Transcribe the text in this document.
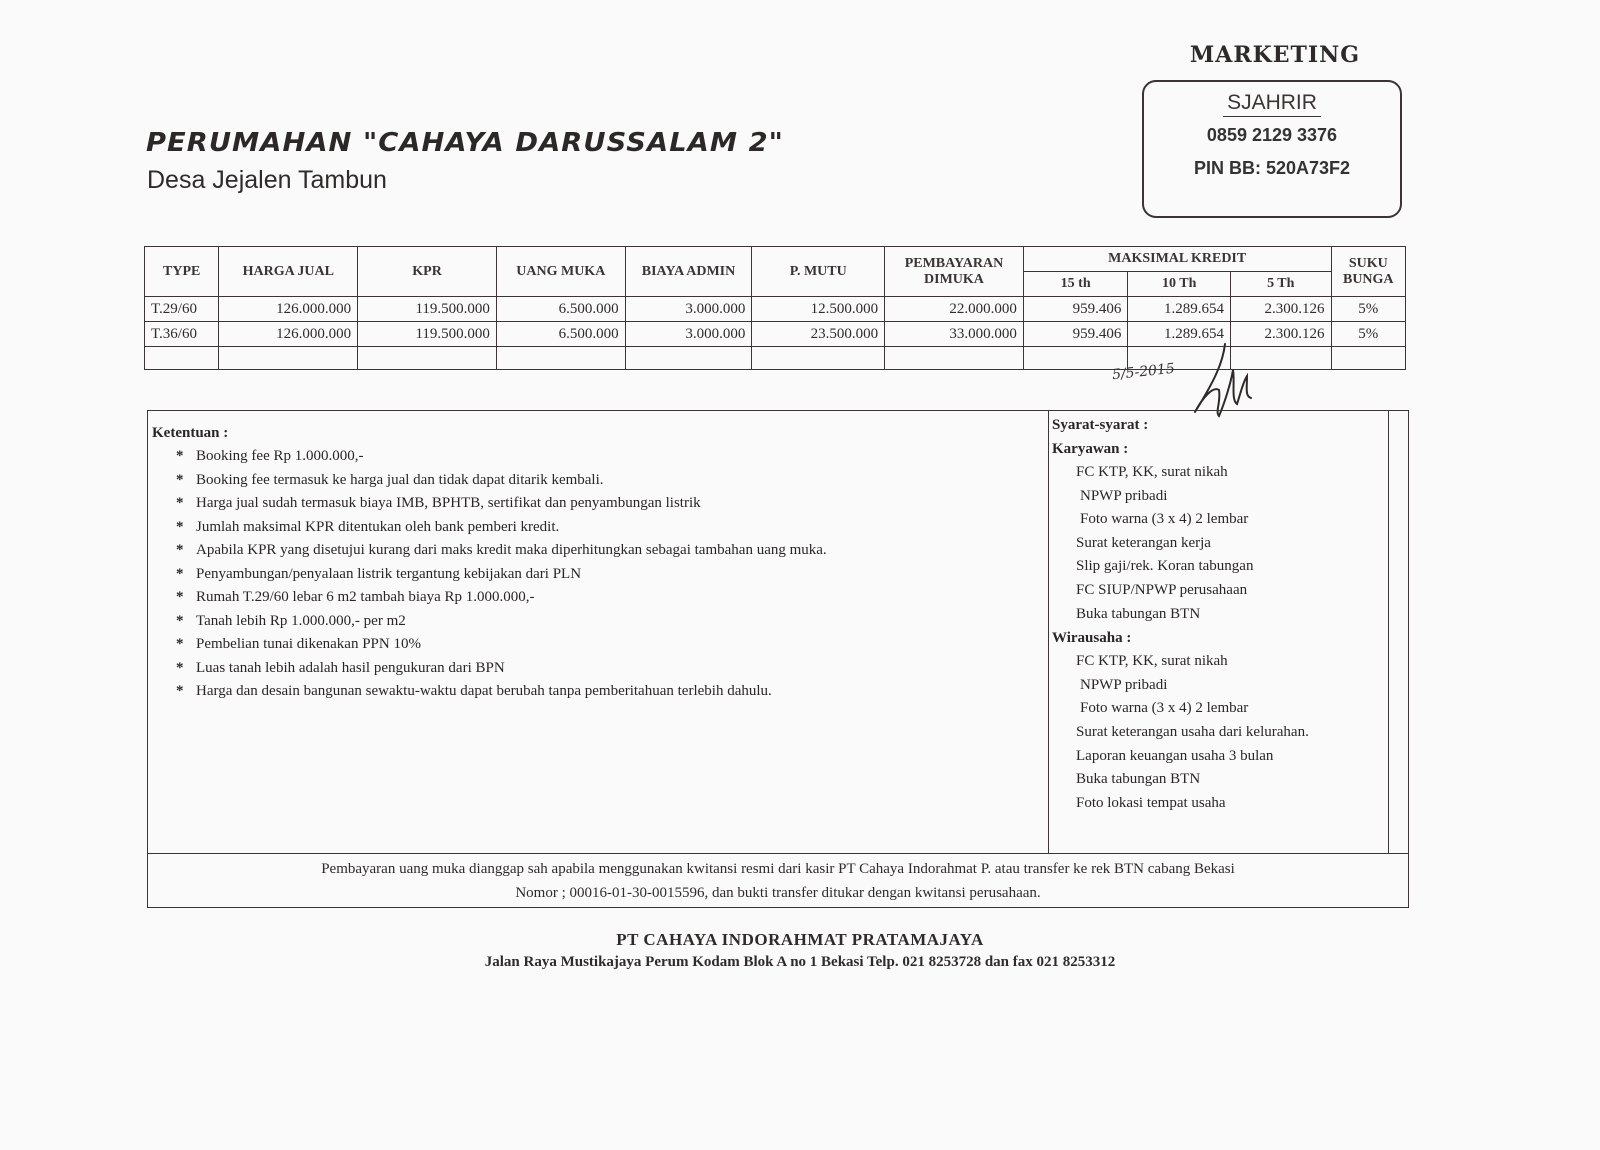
MARKETING
SJAHRIR
0859 2129 3376
PIN BB: 520A73F2
PERUMAHAN "CAHAYA DARUSSALAM 2"
Desa Jejalen Tambun
TYPE	HARGA JUAL	KPR	UANG MUKA	BIAYA ADMIN	P. MUTU	PEMBAYARAN DIMUKA	MAKSIMAL KREDIT			SUKU BUNGA
							15 th	10 Th	5 Th	
T.29/60	126.000.000	119.500.000	6.500.000	3.000.000	12.500.000	22.000.000	959.406	1.289.654	2.300.126	5%
T.36/60	126.000.000	119.500.000	6.500.000	3.000.000	23.500.000	33.000.000	959.406	1.289.654	2.300.126	5%

5/5-2015
Ketentuan :
* Booking fee Rp 1.000.000,-
* Booking fee termasuk ke harga jual dan tidak dapat ditarik kembali.
* Harga jual sudah termasuk biaya IMB, BPHTB, sertifikat dan penyambungan listrik
* Jumlah maksimal KPR ditentukan oleh bank pemberi kredit.
* Apabila KPR yang disetujui kurang dari maks kredit maka diperhitungkan sebagai tambahan uang muka.
* Penyambungan/penyalaan listrik tergantung kebijakan dari PLN
* Rumah T.29/60 lebar 6 m2 tambah biaya Rp 1.000.000,-
* Tanah lebih Rp 1.000.000,- per m2
* Pembelian tunai dikenakan PPN 10%
* Luas tanah lebih adalah hasil pengukuran dari BPN
* Harga dan desain bangunan sewaktu-waktu dapat berubah tanpa pemberitahuan terlebih dahulu.
Syarat-syarat :
Karyawan :
FC KTP, KK, surat nikah
NPWP pribadi
Foto warna (3 x 4) 2 lembar
Surat keterangan kerja
Slip gaji/rek. Koran tabungan
FC SIUP/NPWP perusahaan
Buka tabungan BTN
Wirausaha :
FC KTP, KK, surat nikah
NPWP pribadi
Foto warna (3 x 4) 2 lembar
Surat keterangan usaha dari kelurahan.
Laporan keuangan usaha 3 bulan
Buka tabungan BTN
Foto lokasi tempat usaha
Pembayaran uang muka dianggap sah apabila menggunakan kwitansi resmi dari kasir PT Cahaya Indorahmat P. atau transfer ke rek BTN cabang Bekasi
Nomor ; 00016-01-30-0015596, dan bukti transfer ditukar dengan kwitansi perusahaan.
PT CAHAYA INDORAHMAT PRATAMAJAYA
Jalan Raya Mustikajaya Perum Kodam Blok A no 1 Bekasi Telp. 021 8253728 dan fax 021 8253312
